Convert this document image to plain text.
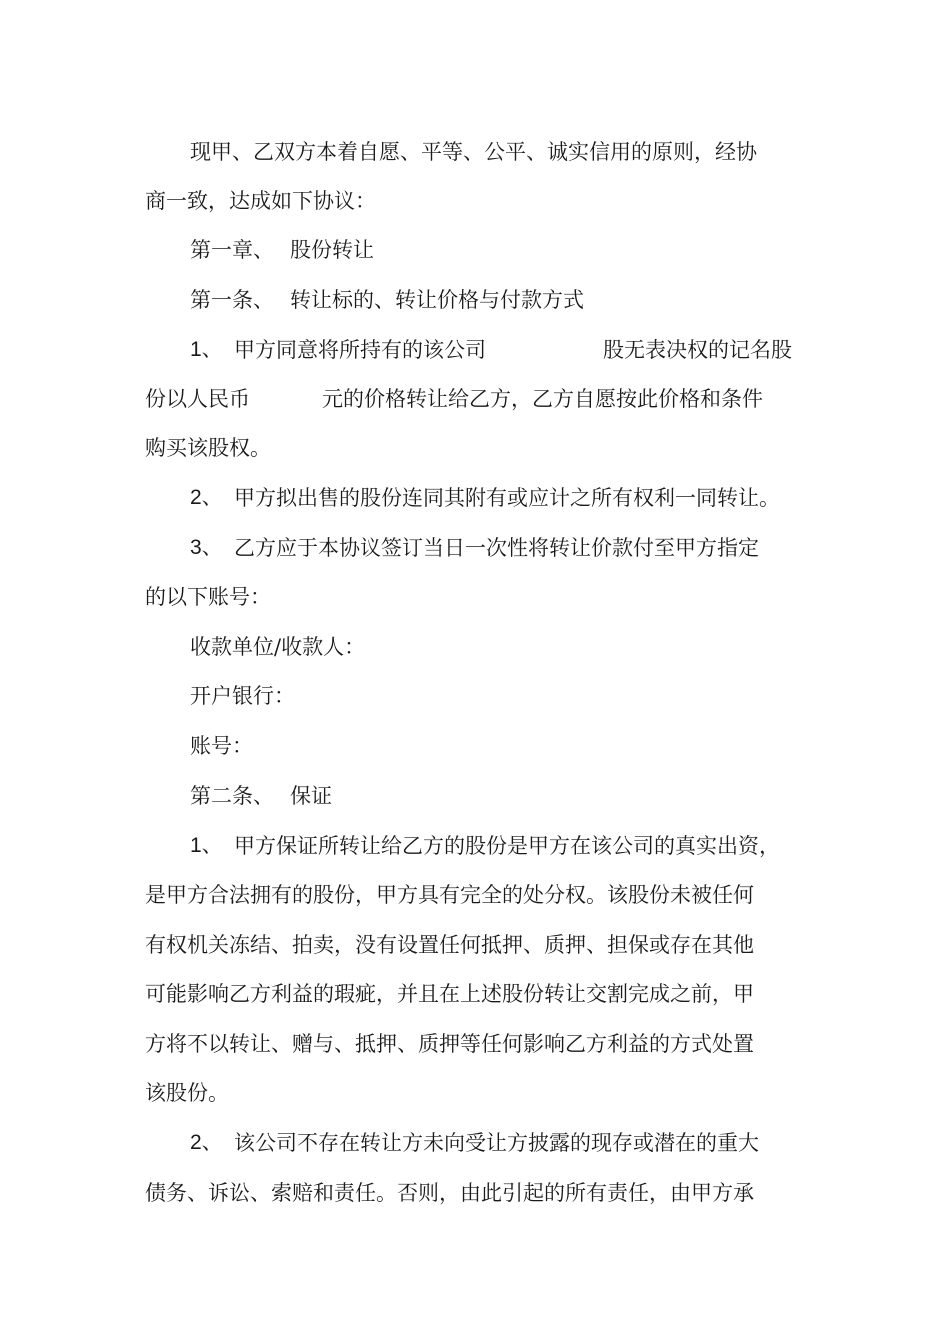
现甲、乙双方本着自愿、平等、公平、诚实信用的原则，经协
商一致，达成如下协议：
第一章、 股份转让
第一条、 转让标的、转让价格与付款方式
1、 甲方同意将所持有的该公司	股无表决权的记名股
份以人民币	元的价格转让给乙方，乙方自愿按此价格和条件
购买该股权。
2、 甲方拟出售的股份连同其附有或应计之所有权利一同转让。
3、 乙方应于本协议签订当日一次性将转让价款付至甲方指定
的以下账号：
收款单位/收款人：
开户银行：
账号：
第二条、 保证
1、 甲方保证所转让给乙方的股份是甲方在该公司的真实出资，
是甲方合法拥有的股份，甲方具有完全的处分权。该股份未被任何
有权机关冻结、拍卖，没有设置任何抵押、质押、担保或存在其他
可能影响乙方利益的瑕疵，并且在上述股份转让交割完成之前，甲
方将不以转让、赠与、抵押、质押等任何影响乙方利益的方式处置
该股份。
2、 该公司不存在转让方未向受让方披露的现存或潜在的重大
债务、诉讼、索赔和责任。否则，由此引起的所有责任，由甲方承
